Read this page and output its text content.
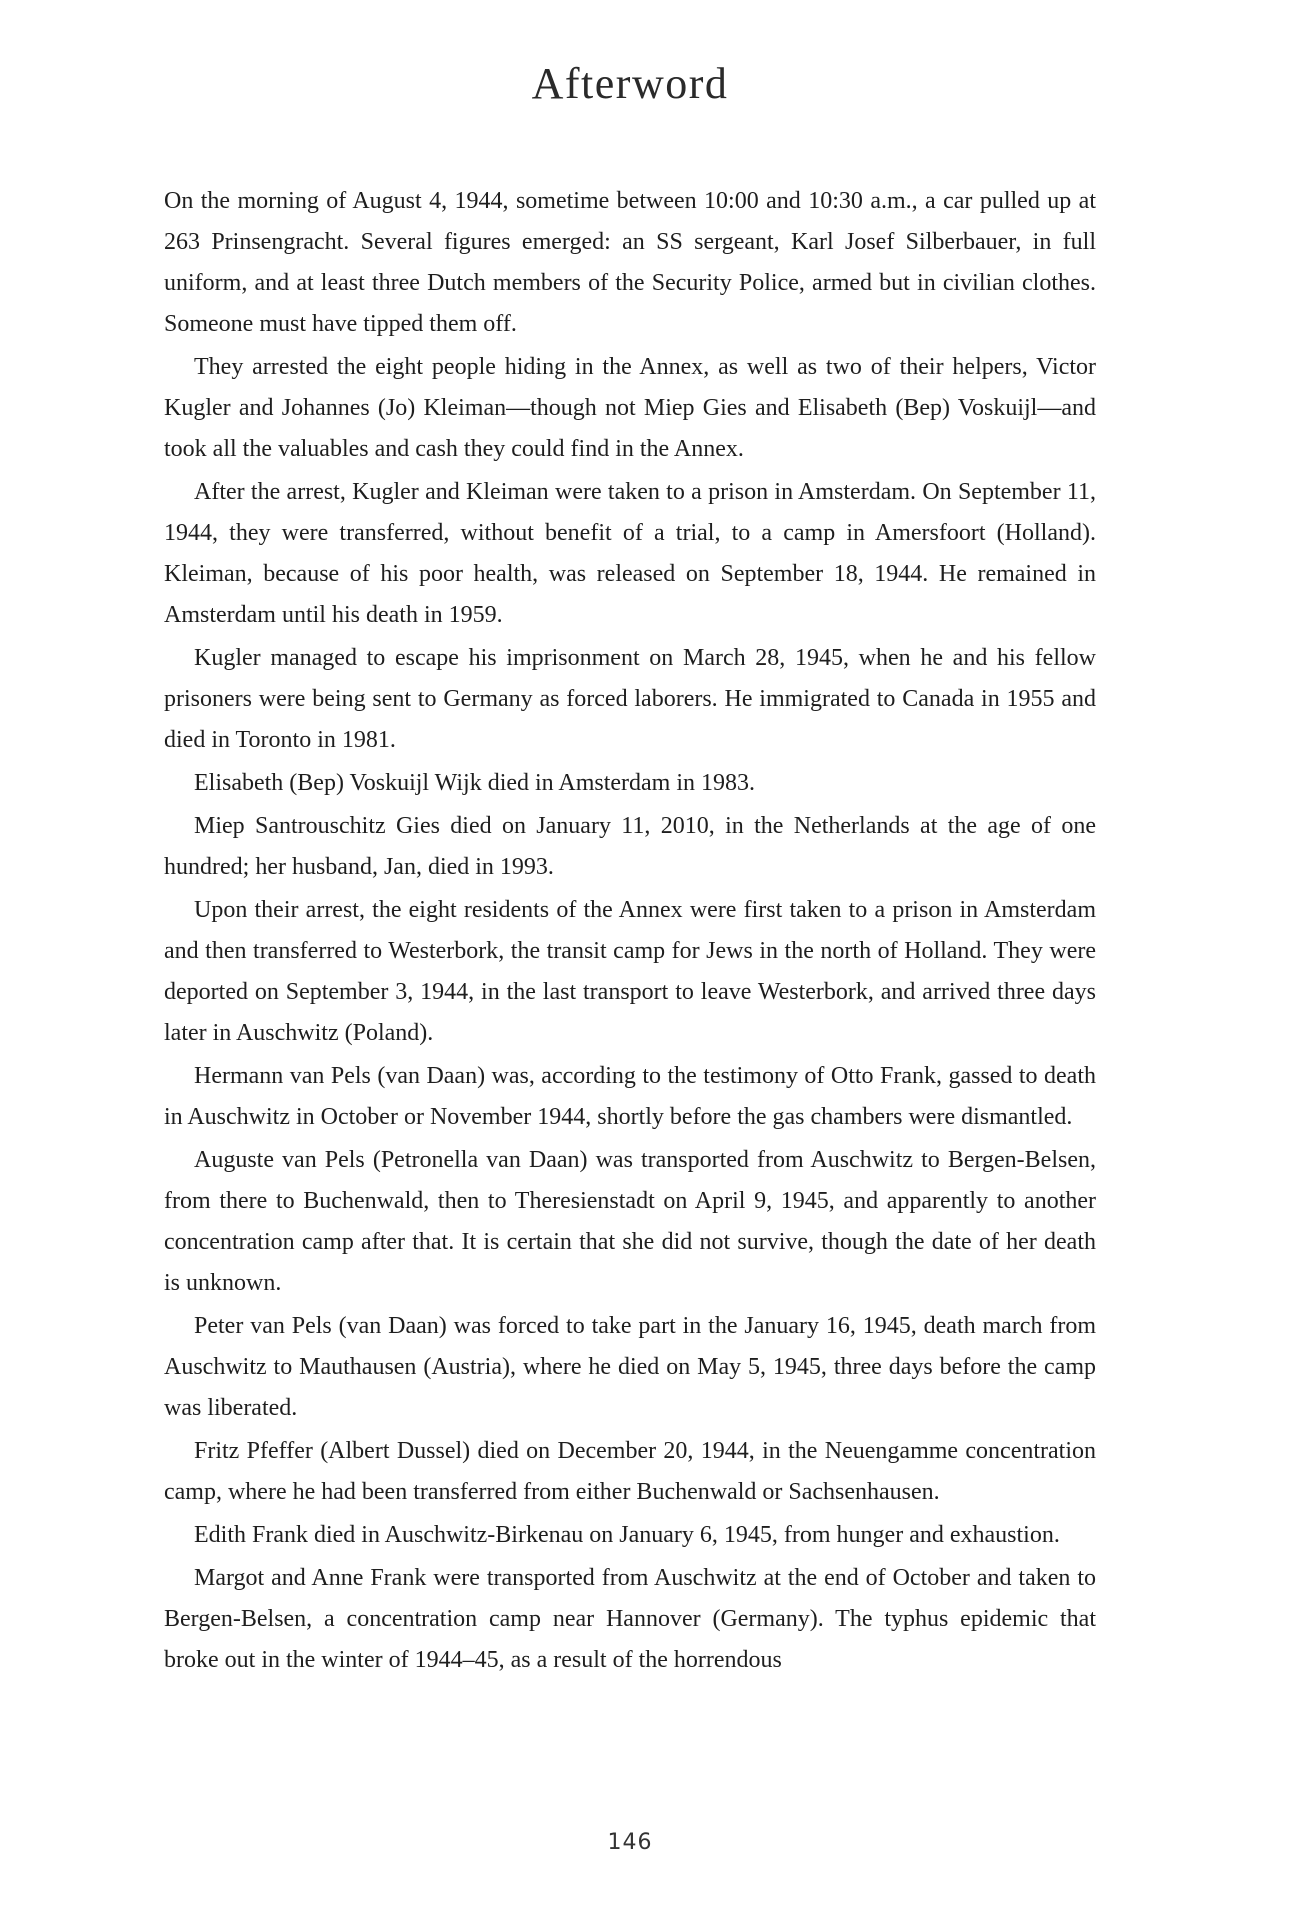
Afterword

On the morning of August 4, 1944, sometime between 10:00 and 10:30 a.m., a car pulled up at 263 Prinsengracht. Several figures emerged: an SS sergeant, Karl Josef Silberbauer, in full uniform, and at least three Dutch members of the Security Police, armed but in civilian clothes. Someone must have tipped them off.

They arrested the eight people hiding in the Annex, as well as two of their helpers, Victor Kugler and Johannes (Jo) Kleiman—though not Miep Gies and Elisabeth (Bep) Voskuijl—and took all the valuables and cash they could find in the Annex.

After the arrest, Kugler and Kleiman were taken to a prison in Amsterdam. On September 11, 1944, they were transferred, without benefit of a trial, to a camp in Amersfoort (Holland). Kleiman, because of his poor health, was released on September 18, 1944. He remained in Amsterdam until his death in 1959.

Kugler managed to escape his imprisonment on March 28, 1945, when he and his fellow prisoners were being sent to Germany as forced laborers. He immigrated to Canada in 1955 and died in Toronto in 1981.

Elisabeth (Bep) Voskuijl Wijk died in Amsterdam in 1983.

Miep Santrouschitz Gies died on January 11, 2010, in the Netherlands at the age of one hundred; her husband, Jan, died in 1993.

Upon their arrest, the eight residents of the Annex were first taken to a prison in Amsterdam and then transferred to Westerbork, the transit camp for Jews in the north of Holland. They were deported on September 3, 1944, in the last transport to leave Westerbork, and arrived three days later in Auschwitz (Poland).

Hermann van Pels (van Daan) was, according to the testimony of Otto Frank, gassed to death in Auschwitz in October or November 1944, shortly before the gas chambers were dismantled.

Auguste van Pels (Petronella van Daan) was transported from Auschwitz to Bergen-Belsen, from there to Buchenwald, then to Theresienstadt on April 9, 1945, and apparently to another concentration camp after that. It is certain that she did not survive, though the date of her death is unknown.

Peter van Pels (van Daan) was forced to take part in the January 16, 1945, death march from Auschwitz to Mauthausen (Austria), where he died on May 5, 1945, three days before the camp was liberated.

Fritz Pfeffer (Albert Dussel) died on December 20, 1944, in the Neuengamme concentration camp, where he had been transferred from either Buchenwald or Sachsenhausen.

Edith Frank died in Auschwitz-Birkenau on January 6, 1945, from hunger and exhaustion.

Margot and Anne Frank were transported from Auschwitz at the end of October and taken to Bergen-Belsen, a concentration camp near Hannover (Germany). The typhus epidemic that broke out in the winter of 1944–45, as a result of the horrendous

146
